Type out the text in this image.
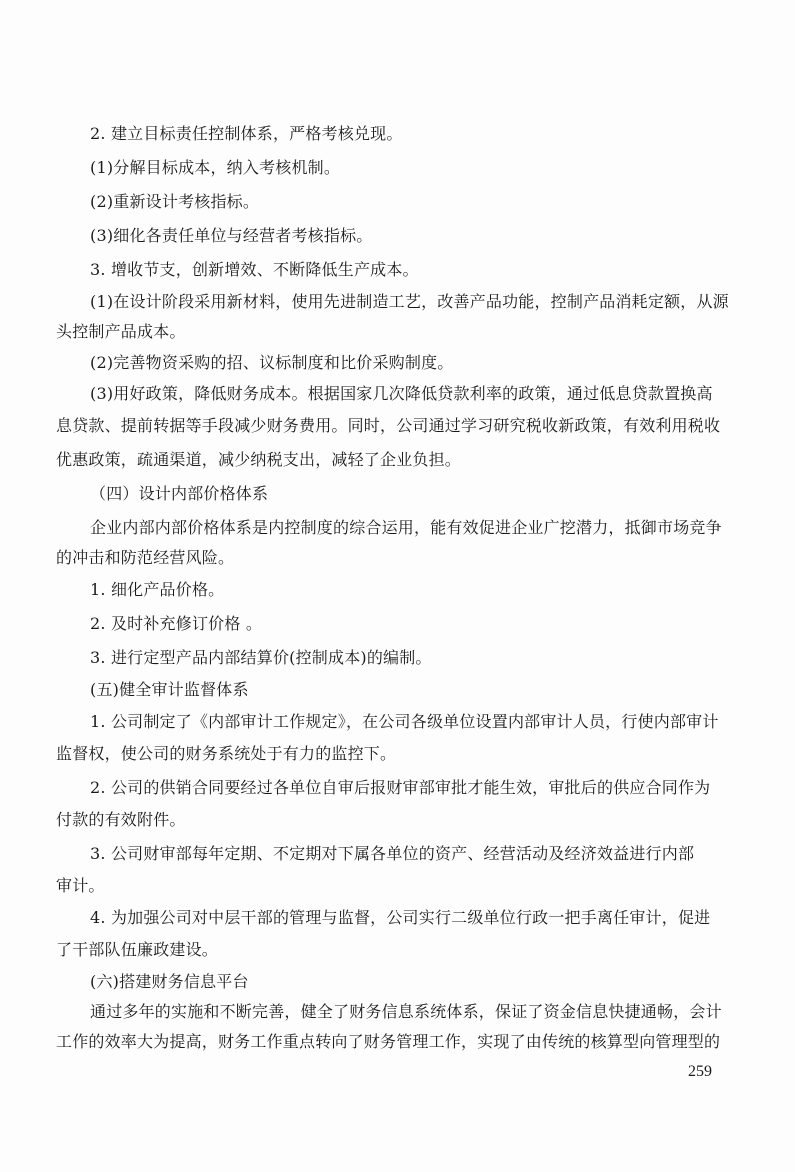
2. 建立目标责任控制体系，严格考核兑现。
(1)分解目标成本，纳入考核机制。
(2)重新设计考核指标。
(3)细化各责任单位与经营者考核指标。
3. 增收节支，创新增效、不断降低生产成本。
(1)在设计阶段采用新材料，使用先进制造工艺，改善产品功能，控制产品消耗定额，从源
头控制产品成本。
(2)完善物资采购的招、议标制度和比价采购制度。
(3)用好政策，降低财务成本。根据国家几次降低贷款利率的政策，通过低息贷款置换高
息贷款、提前转据等手段减少财务费用。同时，公司通过学习研究税收新政策，有效利用税收
优惠政策，疏通渠道，减少纳税支出，减轻了企业负担。
（四）设计内部价格体系
企业内部内部价格体系是内控制度的综合运用，能有效促进企业广挖潜力，抵御市场竞争
的冲击和防范经营风险。
1. 细化产品价格。
2. 及时补充修订价格 。
3. 进行定型产品内部结算价(控制成本)的编制。
(五)健全审计监督体系
1. 公司制定了《内部审计工作规定》，在公司各级单位设置内部审计人员，行使内部审计
监督权，使公司的财务系统处于有力的监控下。
2. 公司的供销合同要经过各单位自审后报财审部审批才能生效，审批后的供应合同作为
付款的有效附件。
3. 公司财审部每年定期、不定期对下属各单位的资产、经营活动及经济效益进行内部
审计。
4. 为加强公司对中层干部的管理与监督，公司实行二级单位行政一把手离任审计，促进
了干部队伍廉政建设。
(六)搭建财务信息平台
通过多年的实施和不断完善，健全了财务信息系统体系，保证了资金信息快捷通畅，会计
工作的效率大为提高，财务工作重点转向了财务管理工作，实现了由传统的核算型向管理型的
259
